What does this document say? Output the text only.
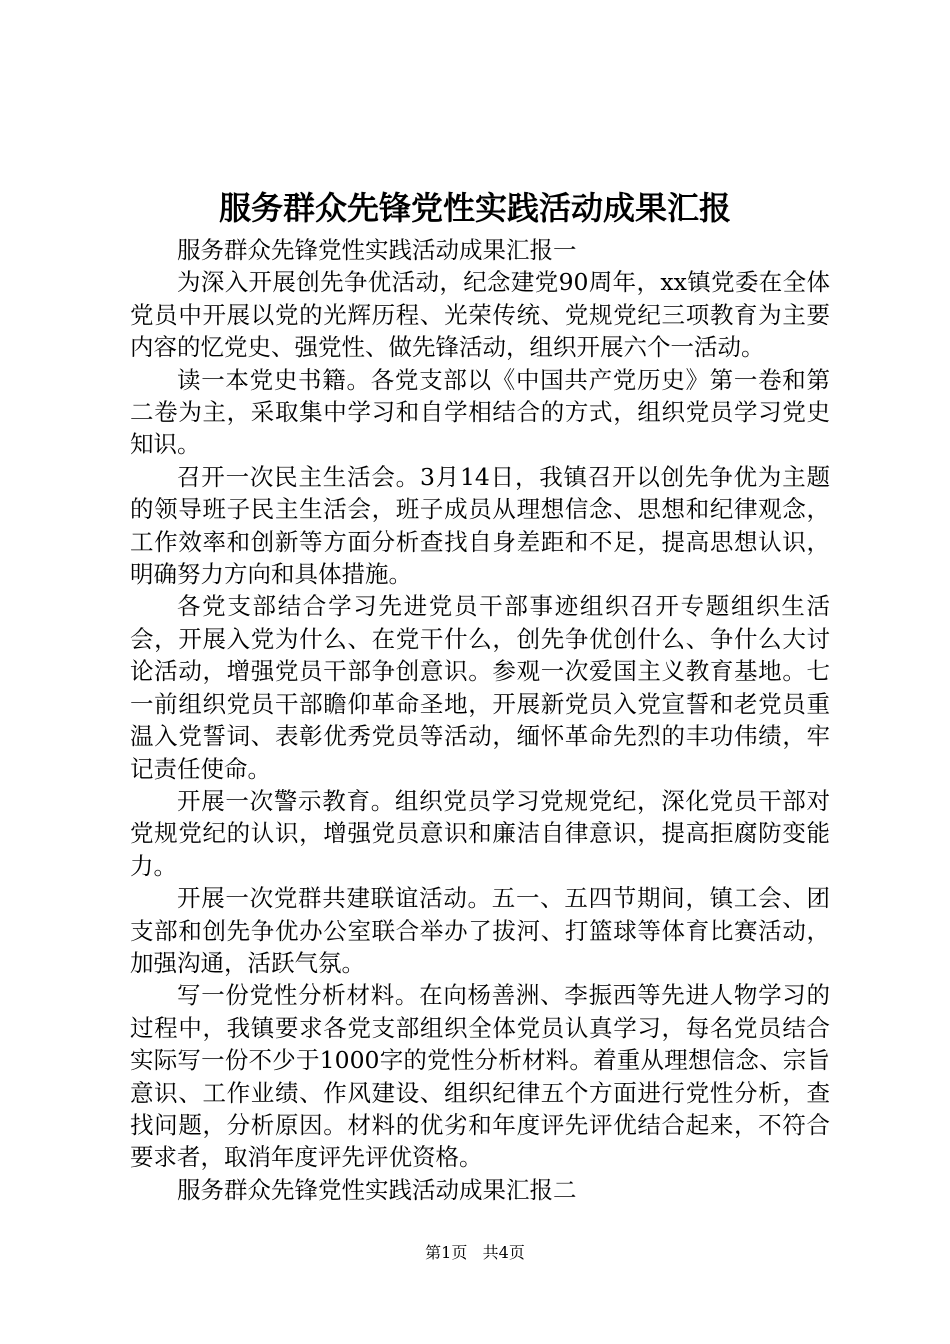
服务群众先锋党性实践活动成果汇报

服务群众先锋党性实践活动成果汇报一

为深入开展创先争优活动，纪念建党90周年，xx镇党委在全体党员中开展以党的光辉历程、光荣传统、党规党纪三项教育为主要内容的忆党史、强党性、做先锋活动，组织开展六个一活动。

读一本党史书籍。各党支部以《中国共产党历史》第一卷和第二卷为主，采取集中学习和自学相结合的方式，组织党员学习党史知识。

召开一次民主生活会。3月14日，我镇召开以创先争优为主题的领导班子民主生活会，班子成员从理想信念、思想和纪律观念，工作效率和创新等方面分析查找自身差距和不足，提高思想认识，明确努力方向和具体措施。

各党支部结合学习先进党员干部事迹组织召开专题组织生活会，开展入党为什么、在党干什么，创先争优创什么、争什么大讨论活动，增强党员干部争创意识。参观一次爱国主义教育基地。七一前组织党员干部瞻仰革命圣地，开展新党员入党宣誓和老党员重温入党誓词、表彰优秀党员等活动，缅怀革命先烈的丰功伟绩，牢记责任使命。

开展一次警示教育。组织党员学习党规党纪，深化党员干部对党规党纪的认识，增强党员意识和廉洁自律意识，提高拒腐防变能力。

开展一次党群共建联谊活动。五一、五四节期间，镇工会、团支部和创先争优办公室联合举办了拔河、打篮球等体育比赛活动，加强沟通，活跃气氛。

写一份党性分析材料。在向杨善洲、李振西等先进人物学习的过程中，我镇要求各党支部组织全体党员认真学习，每名党员结合实际写一份不少于1000字的党性分析材料。着重从理想信念、宗旨意识、工作业绩、作风建设、组织纪律五个方面进行党性分析，查找问题，分析原因。材料的优劣和年度评先评优结合起来，不符合要求者，取消年度评先评优资格。

服务群众先锋党性实践活动成果汇报二

第1页 共4页
